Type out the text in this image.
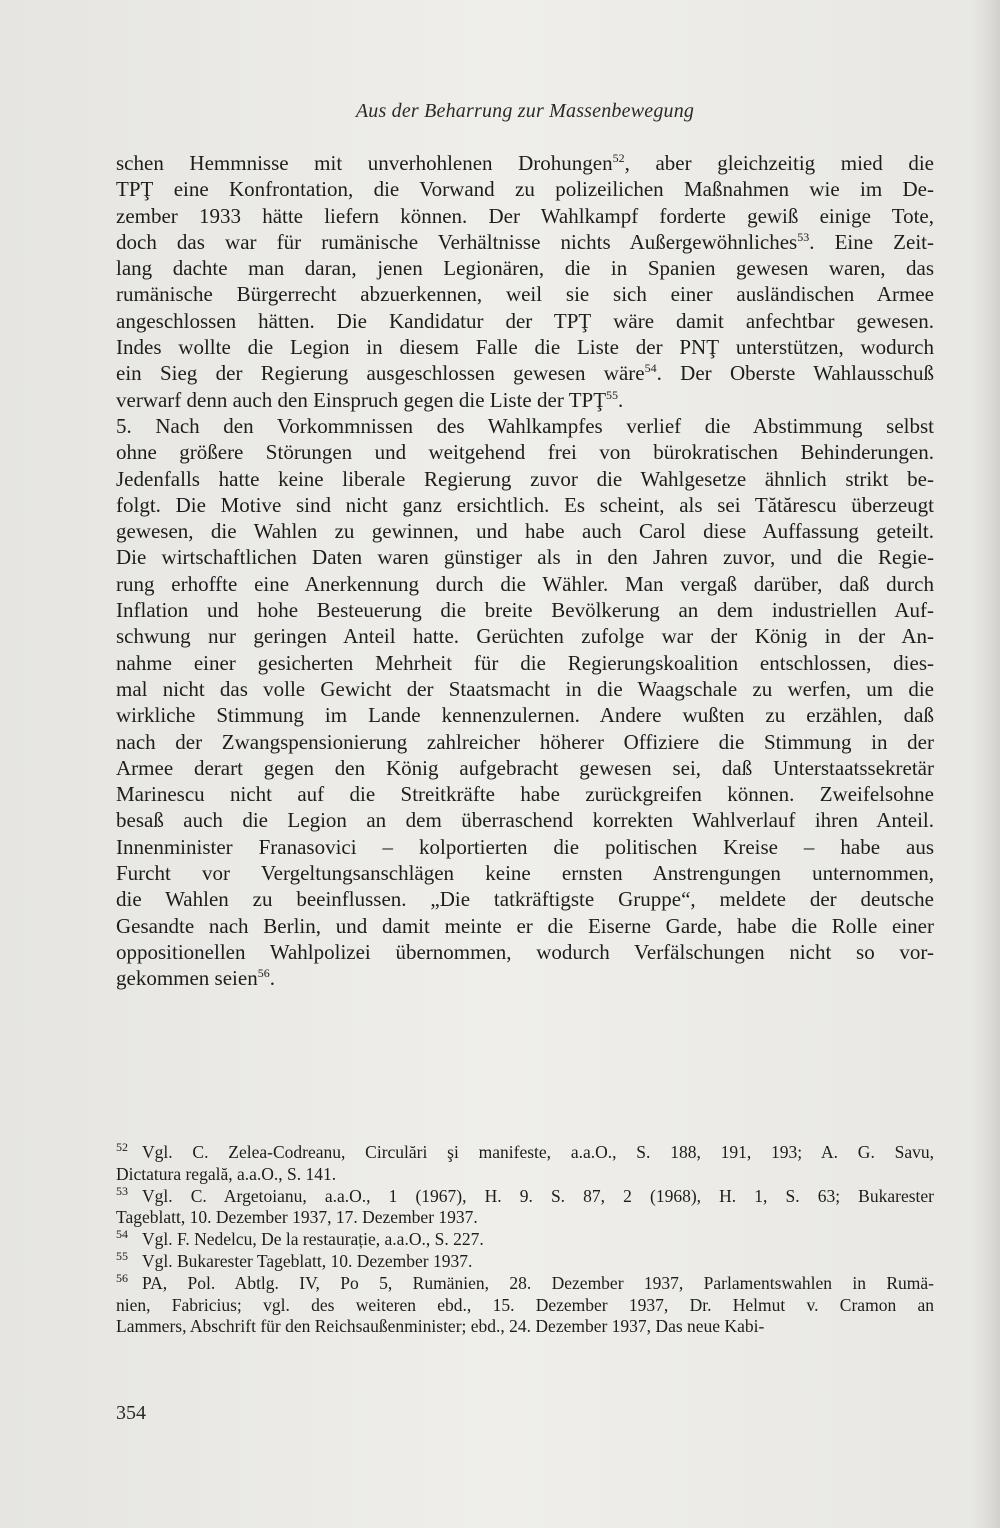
Aus der Beharrung zur Massenbewegung
schen Hemmnisse mit unverhohlenen Drohungen$^{52}$, aber gleichzeitig mied die
TPŢ eine Konfrontation, die Vorwand zu polizeilichen Maßnahmen wie im De-
zember 1933 hätte liefern können. Der Wahlkampf forderte gewiß einige Tote,
doch das war für rumänische Verhältnisse nichts Außergewöhnliches$^{53}$. Eine Zeit-
lang dachte man daran, jenen Legionären, die in Spanien gewesen waren, das
rumänische Bürgerrecht abzuerkennen, weil sie sich einer ausländischen Armee
angeschlossen hätten. Die Kandidatur der TPŢ wäre damit anfechtbar gewesen.
Indes wollte die Legion in diesem Falle die Liste der PNŢ unterstützen, wodurch
ein Sieg der Regierung ausgeschlossen gewesen wäre$^{54}$. Der Oberste Wahlausschuß
verwarf denn auch den Einspruch gegen die Liste der TPŢ$^{55}$.
5. Nach den Vorkommnissen des Wahlkampfes verlief die Abstimmung selbst
ohne größere Störungen und weitgehend frei von bürokratischen Behinderungen.
Jedenfalls hatte keine liberale Regierung zuvor die Wahlgesetze ähnlich strikt be-
folgt. Die Motive sind nicht ganz ersichtlich. Es scheint, als sei Tătărescu überzeugt
gewesen, die Wahlen zu gewinnen, und habe auch Carol diese Auffassung geteilt.
Die wirtschaftlichen Daten waren günstiger als in den Jahren zuvor, und die Regie-
rung erhoffte eine Anerkennung durch die Wähler. Man vergaß darüber, daß durch
Inflation und hohe Besteuerung die breite Bevölkerung an dem industriellen Auf-
schwung nur geringen Anteil hatte. Gerüchten zufolge war der König in der An-
nahme einer gesicherten Mehrheit für die Regierungskoalition entschlossen, dies-
mal nicht das volle Gewicht der Staatsmacht in die Waagschale zu werfen, um die
wirkliche Stimmung im Lande kennenzulernen. Andere wußten zu erzählen, daß
nach der Zwangspensionierung zahlreicher höherer Offiziere die Stimmung in der
Armee derart gegen den König aufgebracht gewesen sei, daß Unterstaatssekretär
Marinescu nicht auf die Streitkräfte habe zurückgreifen können. Zweifelsohne
besaß auch die Legion an dem überraschend korrekten Wahlverlauf ihren Anteil.
Innenminister Franasovici – kolportierten die politischen Kreise – habe aus
Furcht vor Vergeltungsanschlägen keine ernsten Anstrengungen unternommen,
die Wahlen zu beeinflussen. „Die tatkräftigste Gruppe“, meldete der deutsche
Gesandte nach Berlin, und damit meinte er die Eiserne Garde, habe die Rolle einer
oppositionellen Wahlpolizei übernommen, wodurch Verfälschungen nicht so vor-
gekommen seien$^{56}$.
$^{52}$ Vgl. C. Zelea-Codreanu, Circulări şi manifeste, a.a.O., S. 188, 191, 193; A. G. Savu,
Dictatura regală, a.a.O., S. 141.
$^{53}$ Vgl. C. Argetoianu, a.a.O., 1 (1967), H. 9. S. 87, 2 (1968), H. 1, S. 63; Bukarester
Tageblatt, 10. Dezember 1937, 17. Dezember 1937.
$^{54}$ Vgl. F. Nedelcu, De la restaurație, a.a.O., S. 227.
$^{55}$ Vgl. Bukarester Tageblatt, 10. Dezember 1937.
$^{56}$ PA, Pol. Abtlg. IV, Po 5, Rumänien, 28. Dezember 1937, Parlamentswahlen in Rumä-
nien, Fabricius; vgl. des weiteren ebd., 15. Dezember 1937, Dr. Helmut v. Cramon an
Lammers, Abschrift für den Reichsaußenminister; ebd., 24. Dezember 1937, Das neue Kabi-
354
